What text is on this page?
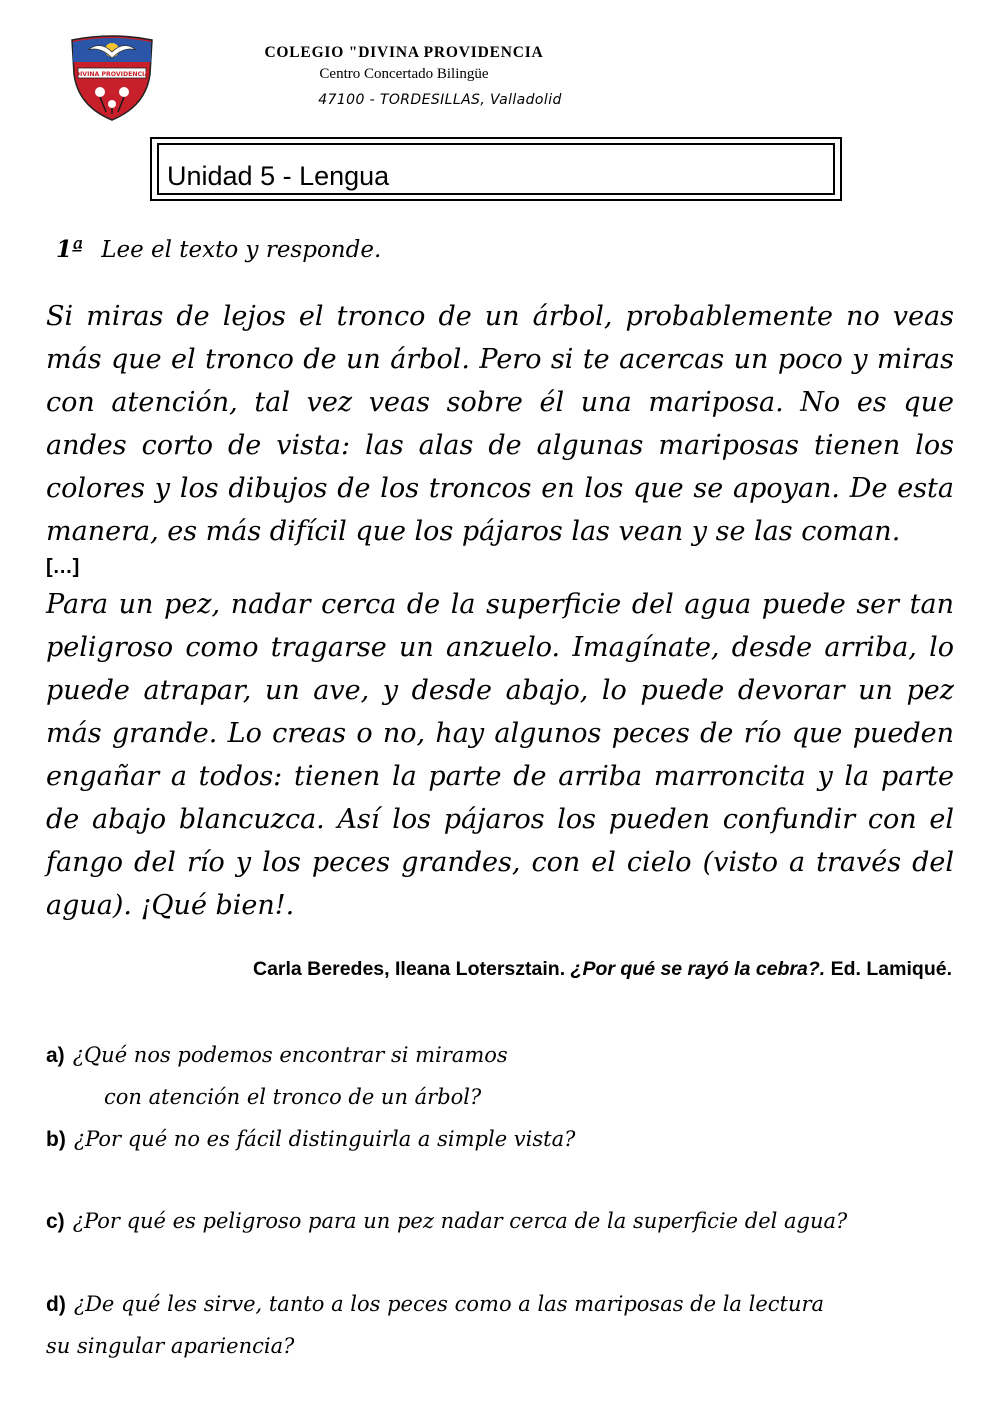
DIVINA PROVIDENCIA
COLEGIO "DIVINA PROVIDENCIA
Centro Concertado Bilingüe
47100 - TORDESILLAS, Valladolid
Unidad 5 - Lengua
1ª Lee el texto y responde.
Si miras de lejos el tronco de un árbol, probablemente no veas más que el tronco de un árbol. Pero si te acercas un poco y miras con atención, tal vez veas sobre él una mariposa. No es que andes corto de vista: las alas de algunas mariposas tienen los colores y los dibujos de los troncos en los que se apoyan. De esta manera, es más difícil que los pájaros las vean y se las coman.
[…]
Para un pez, nadar cerca de la superficie del agua puede ser tan peligroso como tragarse un anzuelo. Imagínate, desde arriba, lo puede atrapar, un ave, y desde abajo, lo puede devorar un pez más grande. Lo creas o no, hay algunos peces de río que pueden engañar a todos: tienen la parte de arriba marroncita y la parte de abajo blancuzca. Así los pájaros los pueden confundir con el fango del río y los peces grandes, con el cielo (visto a través del agua). ¡Qué bien!.
Carla Beredes, Ileana Lotersztain. ¿Por qué se rayó la cebra?. Ed. Lamiqué.
a) ¿Qué nos podemos encontrar si miramos
con atención el tronco de un árbol?
b) ¿Por qué no es fácil distinguirla a simple vista?
c) ¿Por qué es peligroso para un pez nadar cerca de la superficie del agua?
d) ¿De qué les sirve, tanto a los peces como a las mariposas de la lectura
su singular apariencia?
